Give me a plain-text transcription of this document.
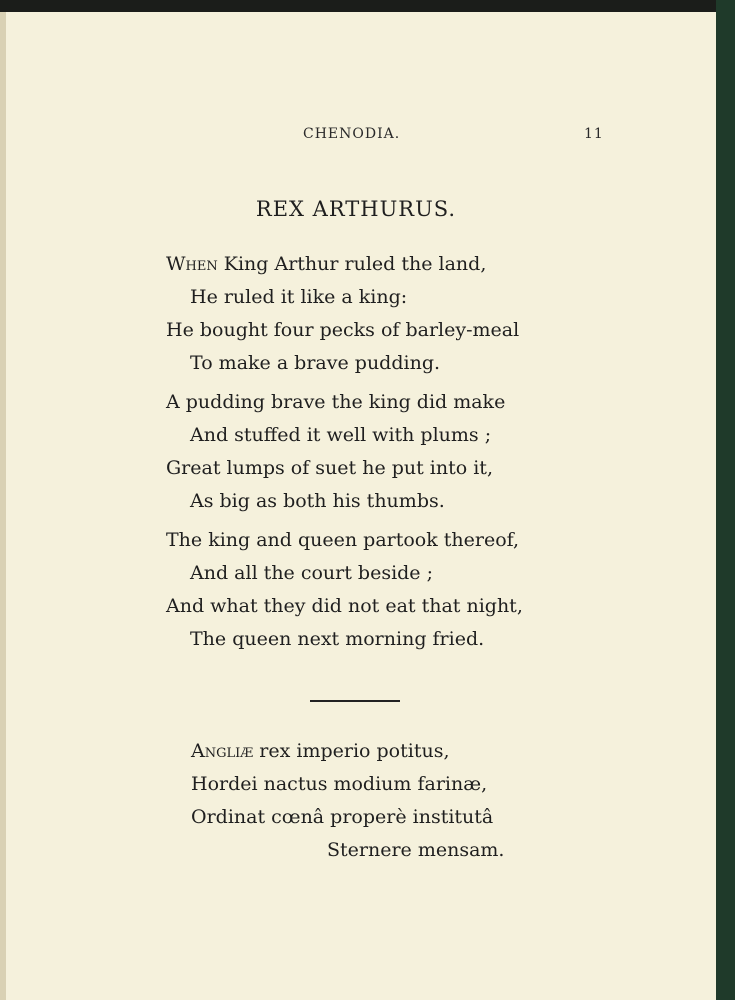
CHENODIA.	11
REX ARTHURUS.
When King Arthur ruled the land,
He ruled it like a king:
He bought four pecks of barley-meal
To make a brave pudding.
A pudding brave the king did make
And stuffed it well with plums ;
Great lumps of suet he put into it,
As big as both his thumbs.
The king and queen partook thereof,
And all the court beside ;
And what they did not eat that night,
The queen next morning fried.
Angliæ rex imperio potitus,
Hordei nactus modium farinæ,
Ordinat cœnâ properè institutâ
Sternere mensam.
